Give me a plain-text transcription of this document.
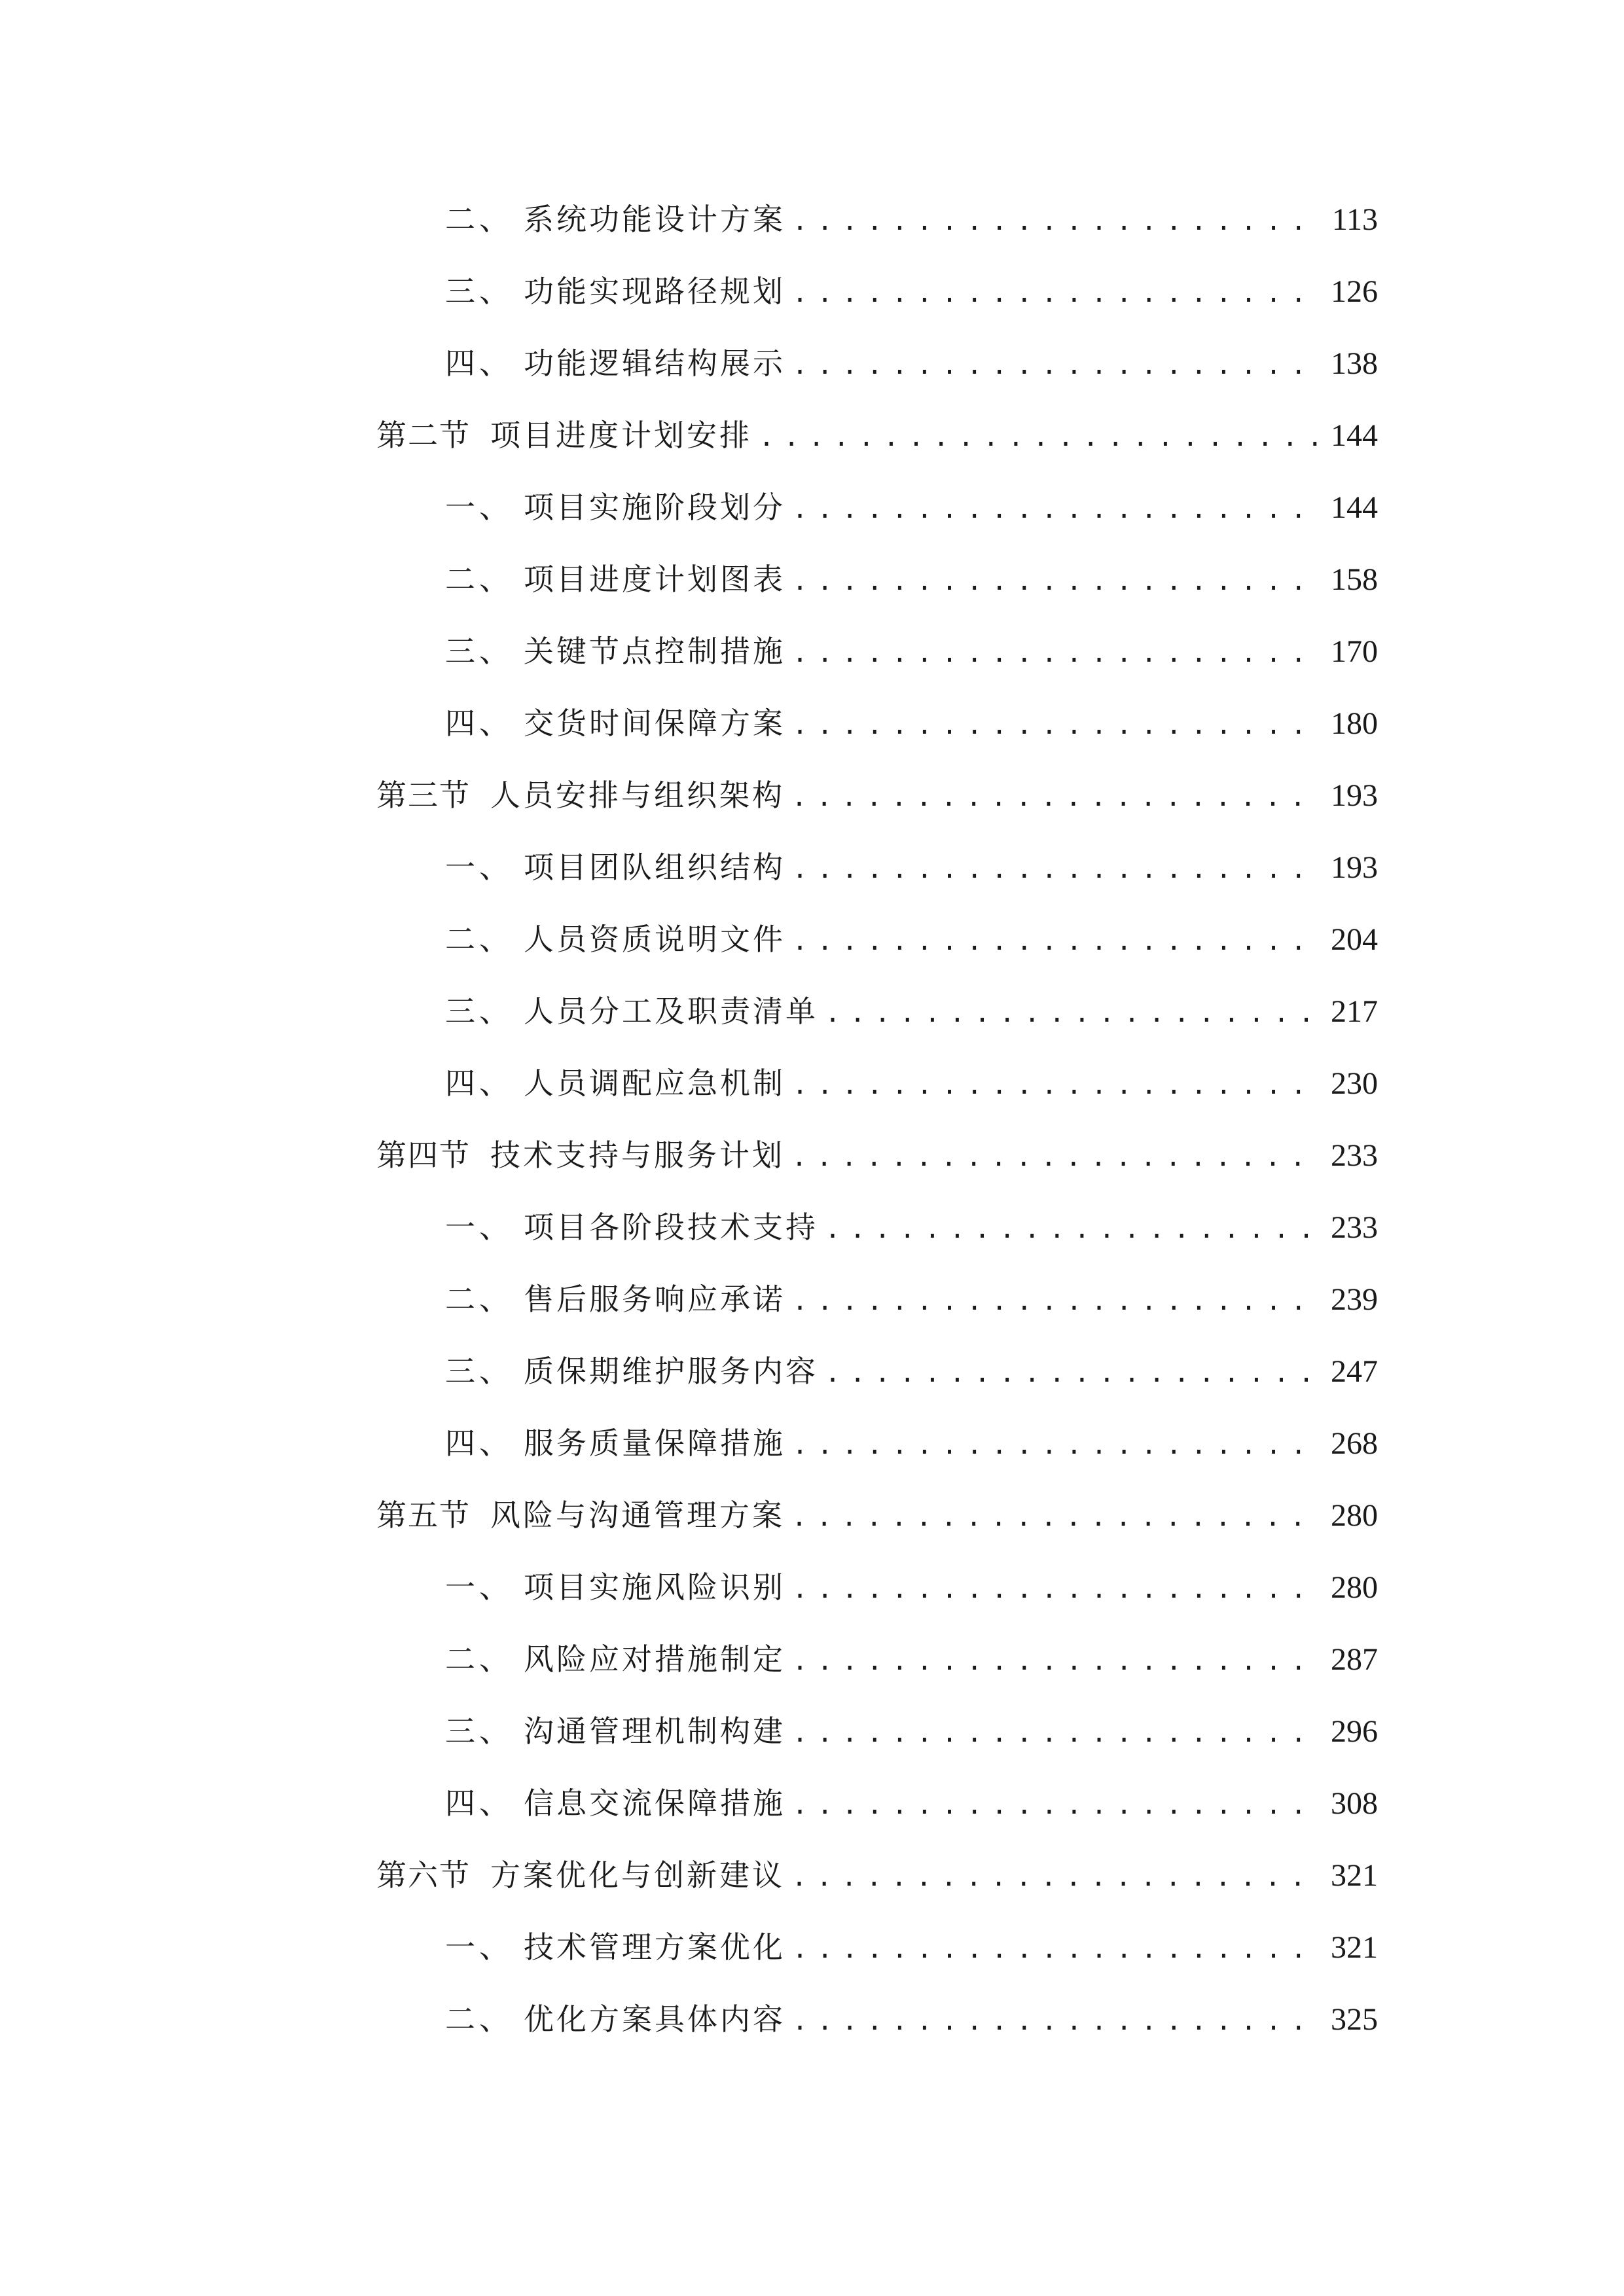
二、 系统功能设计方案 .....	113
三、 功能实现路径规划 .....	126
四、 功能逻辑结构展示 .....	138
第二节 项目进度计划安排 .....	144
一、 项目实施阶段划分 .....	144
二、 项目进度计划图表 .....	158
三、 关键节点控制措施 .....	170
四、 交货时间保障方案 .....	180
第三节 人员安排与组织架构 .....	193
一、 项目团队组织结构 .....	193
二、 人员资质说明文件 .....	204
三、 人员分工及职责清单 .....	217
四、 人员调配应急机制 .....	230
第四节 技术支持与服务计划 .....	233
一、 项目各阶段技术支持 .....	233
二、 售后服务响应承诺 .....	239
三、 质保期维护服务内容 .....	247
四、 服务质量保障措施 .....	268
第五节 风险与沟通管理方案 .....	280
一、 项目实施风险识别 .....	280
二、 风险应对措施制定 .....	287
三、 沟通管理机制构建 .....	296
四、 信息交流保障措施 .....	308
第六节 方案优化与创新建议 .....	321
一、 技术管理方案优化 .....	321
二、 优化方案具体内容 .....	325
